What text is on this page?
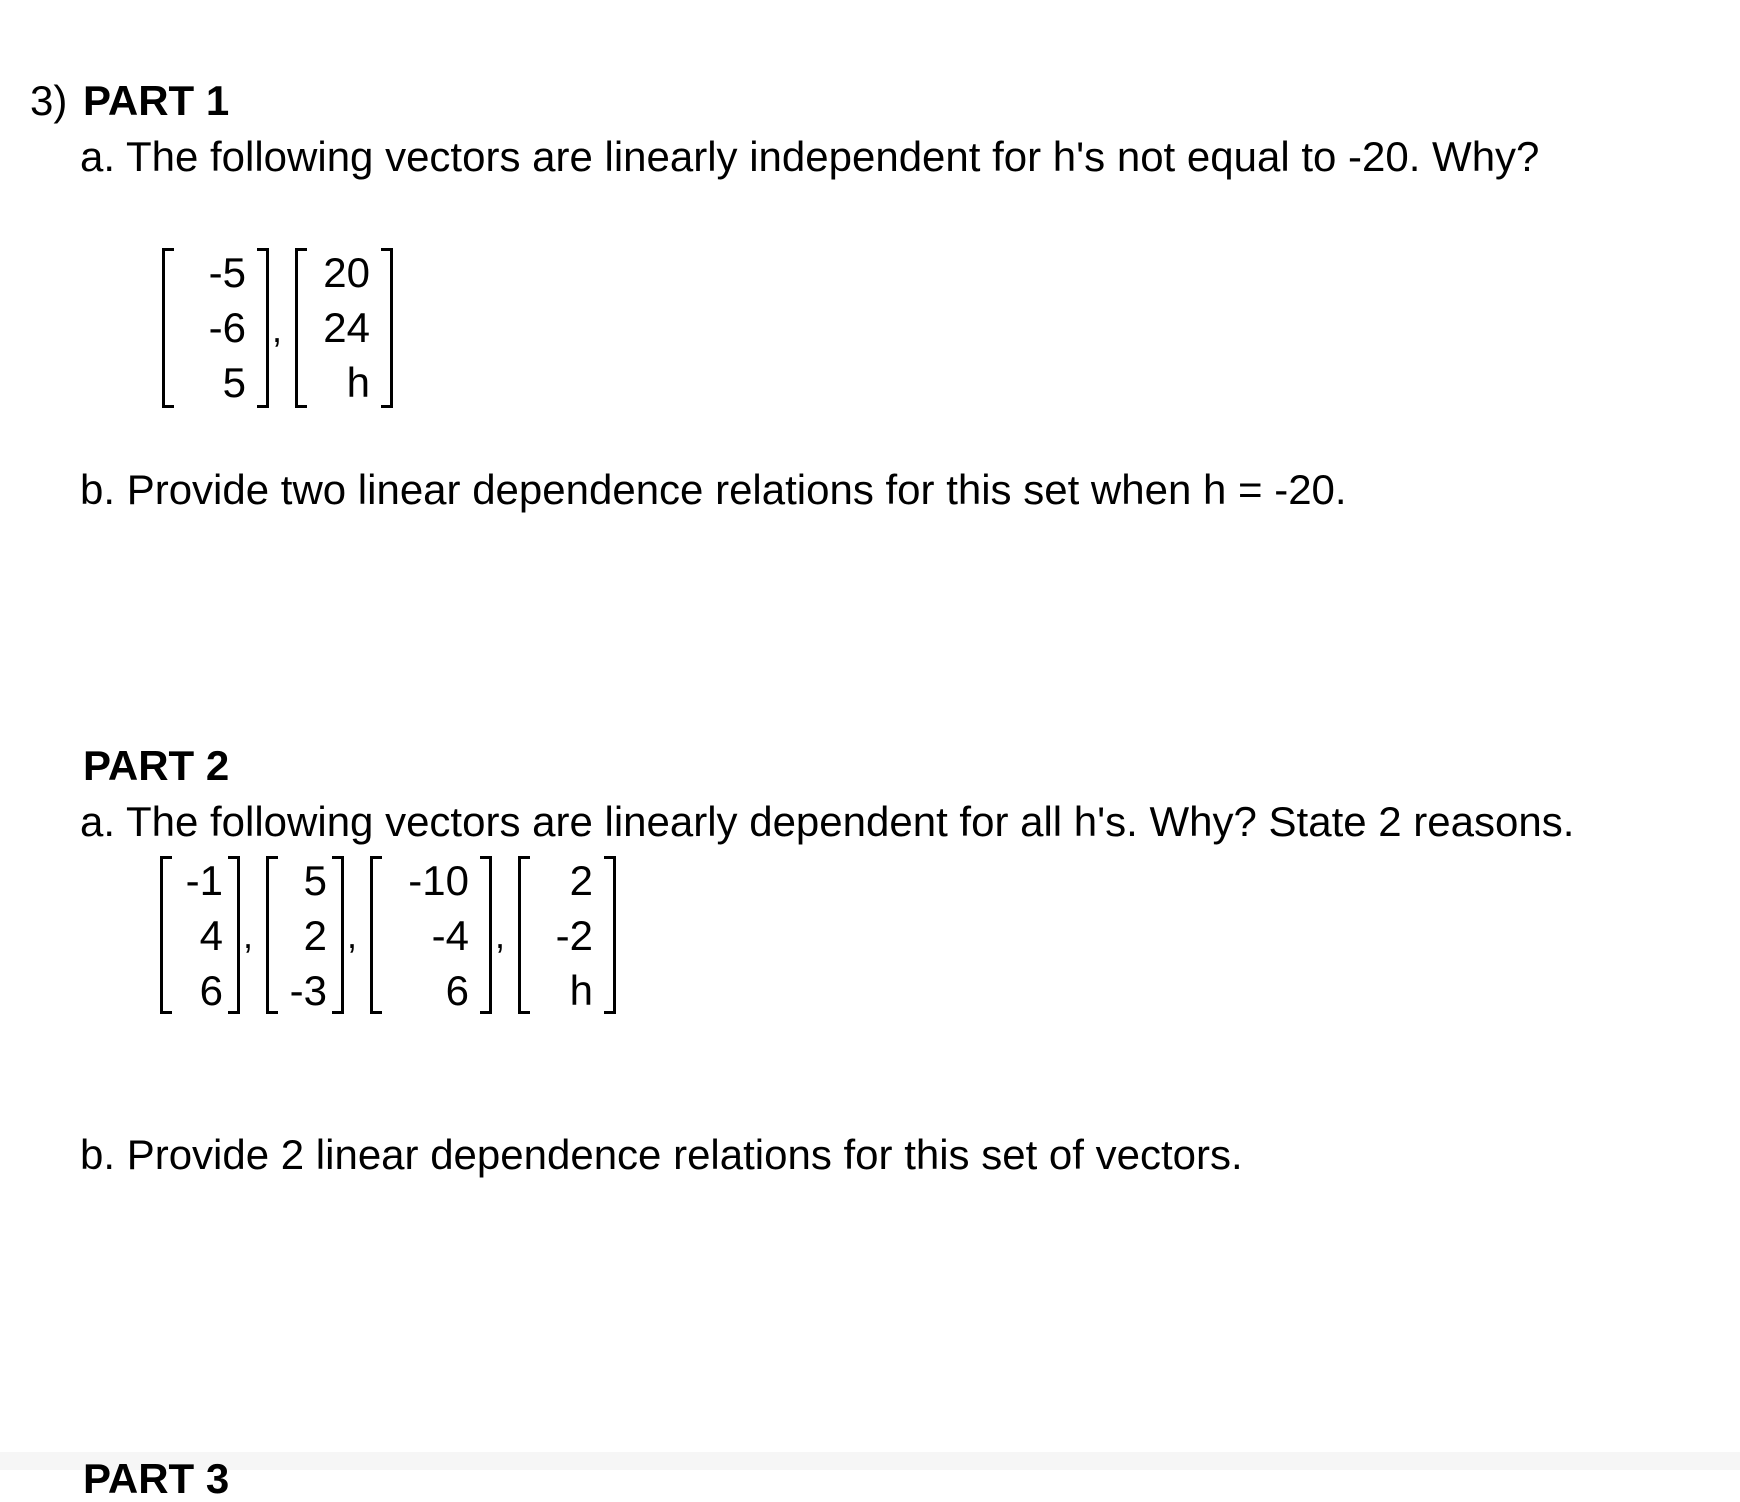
3) PART 1
a. The following vectors are linearly independent for h's not equal to -20. Why?
-5
-6
5
,
20
24
h
b. Provide two linear dependence relations for this set when h = -20.
PART 2
a. The following vectors are linearly dependent for all h's. Why? State 2 reasons.
-1
4
6
,
5
2
-3
,
-10
-4
6
,
2
-2
h
b. Provide 2 linear dependence relations for this set of vectors.
PART 3
